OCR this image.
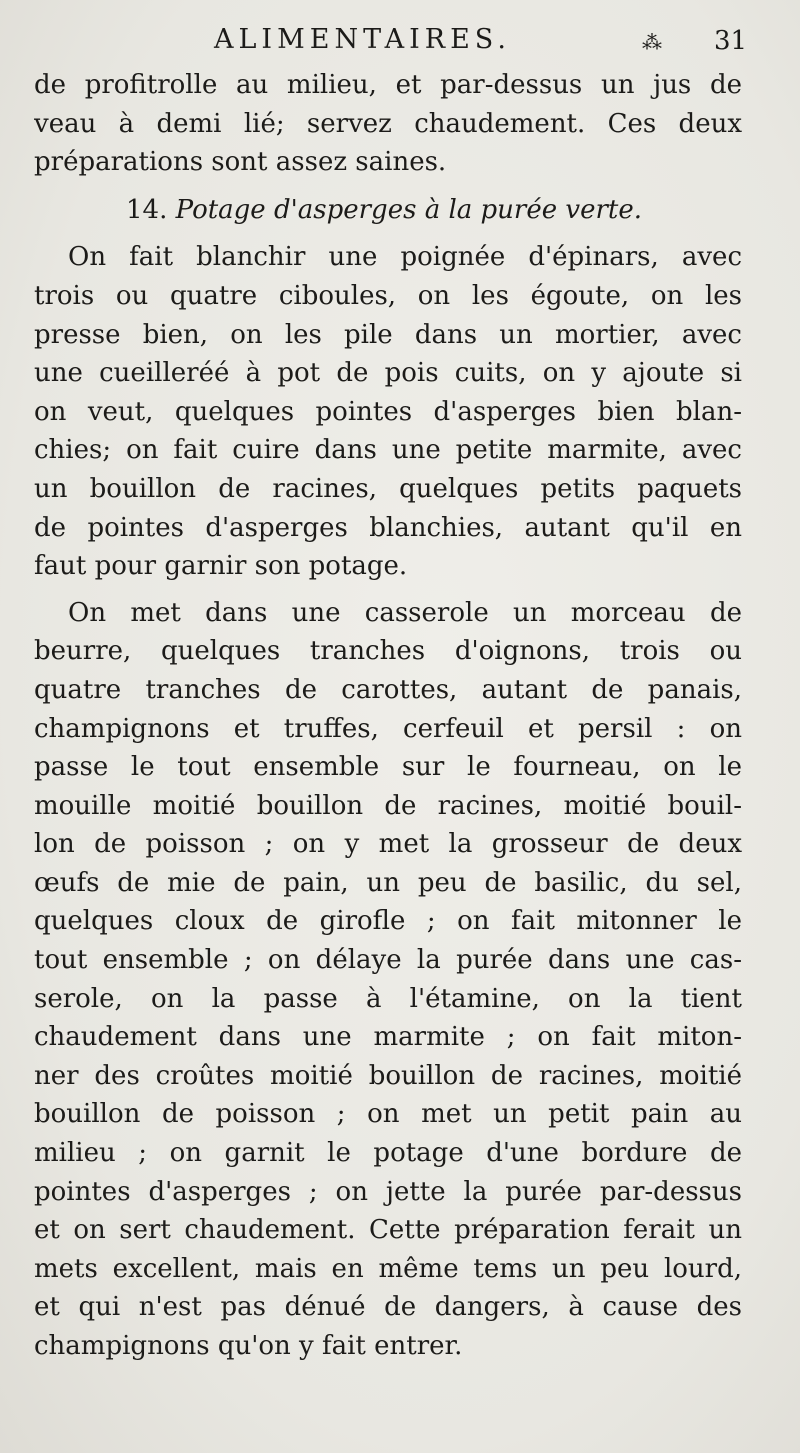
ALIMENTAIRES.	⁂ 31
de profitrolle au milieu, et par-dessus un jus de
veau à demi lié; servez chaudement. Ces deux
préparations sont assez saines.
14. Potage d'asperges à la purée verte.
On fait blanchir une poignée d'épinars, avec
trois ou quatre ciboules, on les égoute, on les
presse bien, on les pile dans un mortier, avec
une cueilleréé à pot de pois cuits, on y ajoute si
on veut, quelques pointes d'asperges bien blan-
chies; on fait cuire dans une petite marmite, avec
un bouillon de racines, quelques petits paquets
de pointes d'asperges blanchies, autant qu'il en
faut pour garnir son potage.
On met dans une casserole un morceau de
beurre, quelques tranches d'oignons, trois ou
quatre tranches de carottes, autant de panais,
champignons et truffes, cerfeuil et persil : on
passe le tout ensemble sur le fourneau, on le
mouille moitié bouillon de racines, moitié bouil-
lon de poisson ; on y met la grosseur de deux
œufs de mie de pain, un peu de basilic, du sel,
quelques cloux de girofle ; on fait mitonner le
tout ensemble ; on délaye la purée dans une cas-
serole, on la passe à l'étamine, on la tient
chaudement dans une marmite ; on fait miton-
ner des croûtes moitié bouillon de racines, moitié
bouillon de poisson ; on met un petit pain au
milieu ; on garnit le potage d'une bordure de
pointes d'asperges ; on jette la purée par-dessus
et on sert chaudement. Cette préparation ferait un
mets excellent, mais en même tems un peu lourd,
et qui n'est pas dénué de dangers, à cause des
champignons qu'on y fait entrer.
